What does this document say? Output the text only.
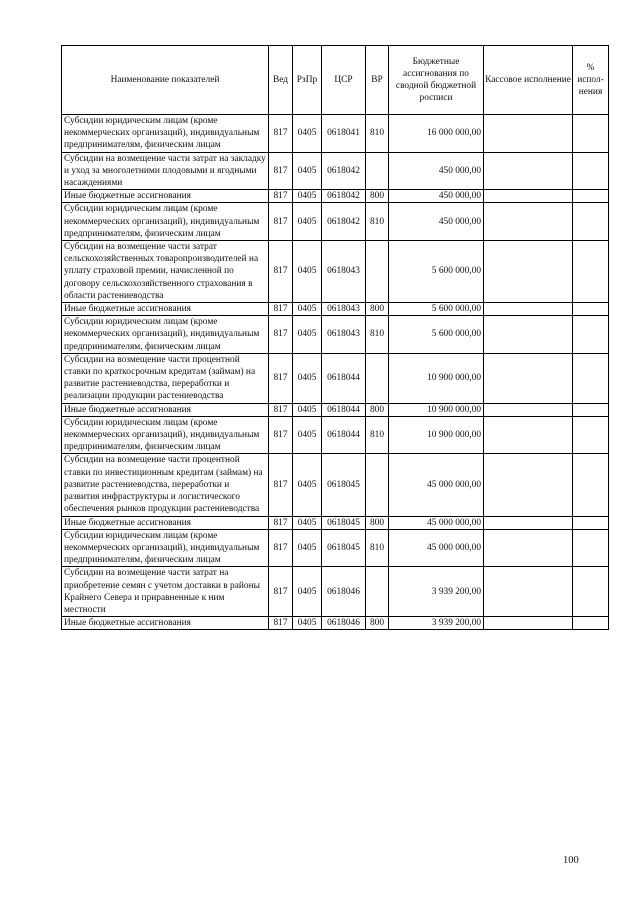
Наименование показателей	Вед	РзПр	ЦСР	ВР	Бюджетные ассигнования по сводной бюджетной росписи	Кассовое исполнение	% испол-нения
Субсидии юридическим лицам (кроме некоммерческих организаций), индивидуальным предпринимателям, физическим лицам	817	0405	0618041	810	16 000 000,00		
Субсидии на возмещение части затрат на закладку и уход за многолетними плодовыми и ягодными насаждениями	817	0405	0618042		450 000,00		
Иные бюджетные ассигнования	817	0405	0618042	800	450 000,00		
Субсидии юридическим лицам (кроме некоммерческих организаций), индивидуальным предпринимателям, физическим лицам	817	0405	0618042	810	450 000,00		
Субсидии на возмещение части затрат сельскохозяйственных товаропроизводителей на уплату страховой премии, начисленной по договору сельскохозяйственного страхования в области растениеводства	817	0405	0618043		5 600 000,00		
Иные бюджетные ассигнования	817	0405	0618043	800	5 600 000,00		
Субсидии юридическим лицам (кроме некоммерческих организаций), индивидуальным предпринимателям, физическим лицам	817	0405	0618043	810	5 600 000,00		
Субсидии на возмещение части процентной ставки по краткосрочным кредитам (займам) на развитие растениеводства, переработки и реализации продукции растениеводства	817	0405	0618044		10 900 000,00		
Иные бюджетные ассигнования	817	0405	0618044	800	10 900 000,00		
Субсидии юридическим лицам (кроме некоммерческих организаций), индивидуальным предпринимателям, физическим лицам	817	0405	0618044	810	10 900 000,00		
Субсидии на возмещение части процентной ставки по инвестиционным кредитам (займам) на развитие растениеводства, переработки и развития инфраструктуры и логистического обеспечения рынков продукции растениеводства	817	0405	0618045		45 000 000,00		
Иные бюджетные ассигнования	817	0405	0618045	800	45 000 000,00		
Субсидии юридическим лицам (кроме некоммерческих организаций), индивидуальным предпринимателям, физическим лицам	817	0405	0618045	810	45 000 000,00		
Субсидии на возмещение части затрат на приобретение семян с учетом доставки в районы Крайнего Севера и приравненные к ним местности	817	0405	0618046		3 939 200,00		
Иные бюджетные ассигнования	817	0405	0618046	800	3 939 200,00		
100
